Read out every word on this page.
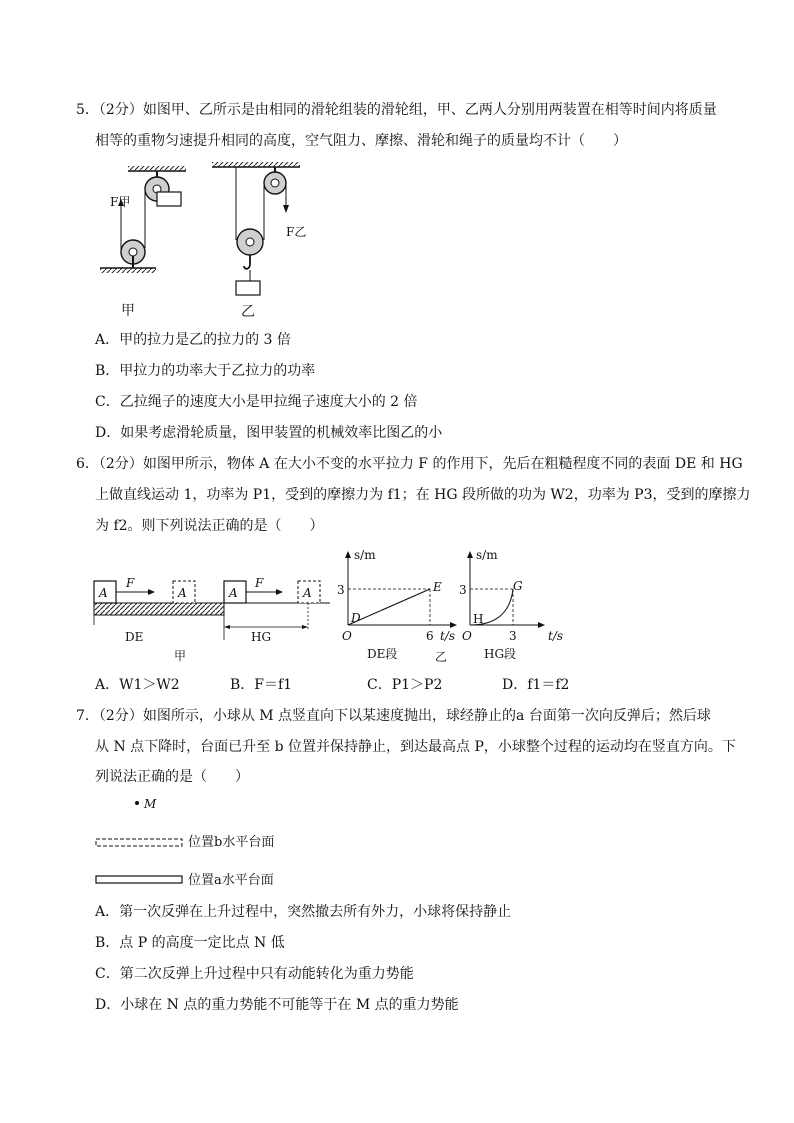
5．（2分）如图甲、乙所示是由相同的滑轮组装的滑轮组，甲、乙两人分别用两装置在相等时间内将质量
相等的重物匀速提升相同的高度，空气阻力、摩擦、滑轮和绳子的质量均不计（　　）
F甲
F乙
甲	乙
A．甲的拉力是乙的拉力的 3 倍
B．甲拉力的功率大于乙拉力的功率
C．乙拉绳子的速度大小是甲拉绳子速度大小的 2 倍
D．如果考虑滑轮质量，图甲装置的机械效率比图乙的小
6．（2分）如图甲所示，物体 A 在大小不变的水平拉力 F 的作用下，先后在粗糙程度不同的表面 DE 和 HG
上做直线运动 1，功率为 P1，受到的摩擦力为 f1；在 HG 段所做的功为 W2，功率为 P3，受到的摩擦力
为 f2。则下列说法正确的是（　　）
A	A	A	A
F	F
DE	HG
甲
s/m
3
D
E
O	6 t/s
DE段	乙
s/m
3
H
G
O	3	t/s
HG段
A．W1＞W2	B．F＝f1	C．P1＞P2	D．f1＝f2
7．（2分）如图所示，小球从 M 点竖直向下以某速度抛出，球经静止的a 台面第一次向反弹后；然后球
从 N 点下降时，台面已升至 b 位置并保持静止，到达最高点 P，小球整个过程的运动均在竖直方向。下
列说法正确的是（　　）
M
位置b水平台面
位置a水平台面
A．第一次反弹在上升过程中，突然撤去所有外力，小球将保持静止
B．点 P 的高度一定比点 N 低
C．第二次反弹上升过程中只有动能转化为重力势能
D．小球在 N 点的重力势能不可能等于在 M 点的重力势能
